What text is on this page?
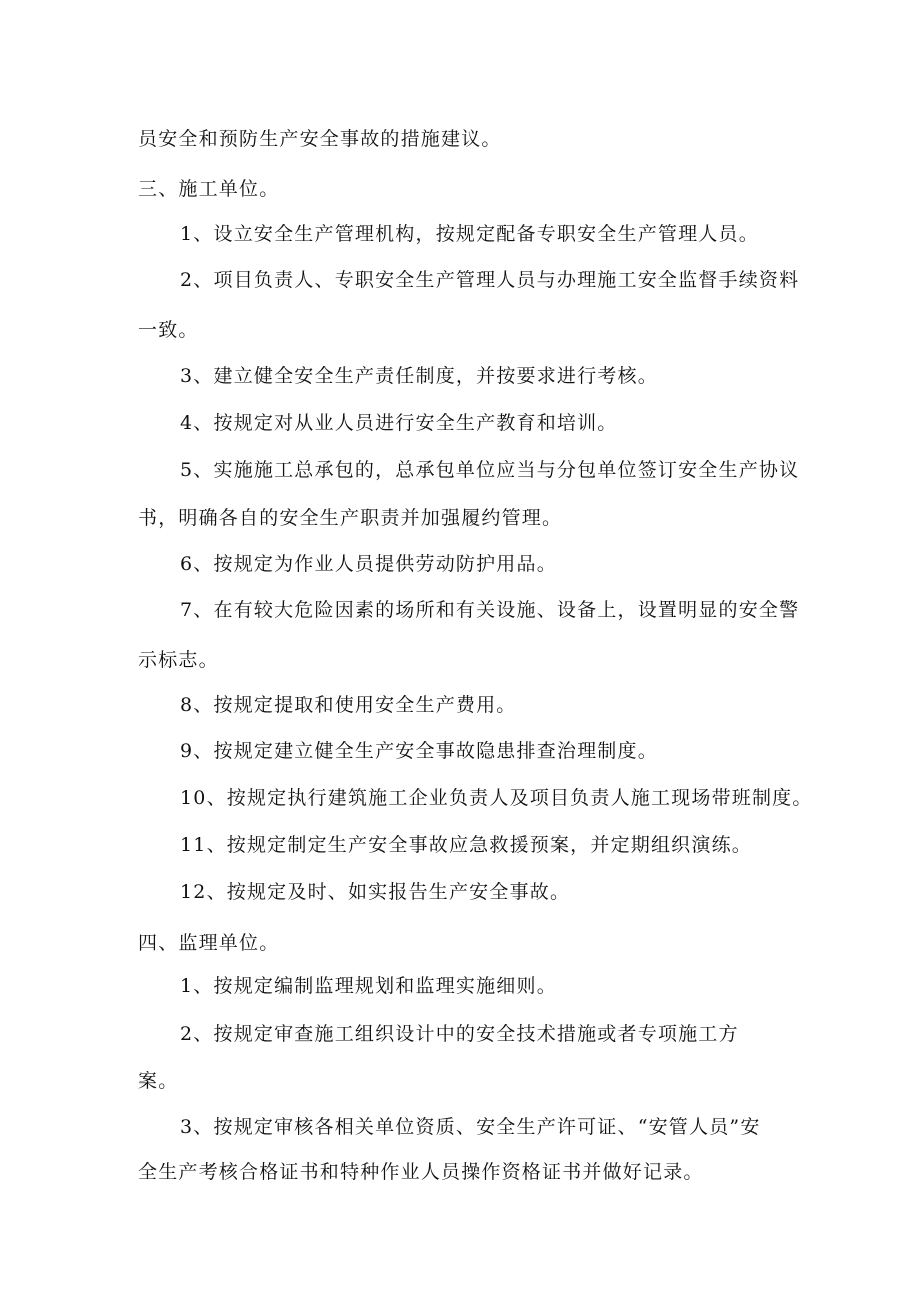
员安全和预防生产安全事故的措施建议。
三、施工单位。
1、设立安全生产管理机构，按规定配备专职安全生产管理人员。
2、项目负责人、专职安全生产管理人员与办理施工安全监督手续资料
一致。
3、建立健全安全生产责任制度，并按要求进行考核。
4、按规定对从业人员进行安全生产教育和培训。
5、实施施工总承包的，总承包单位应当与分包单位签订安全生产协议
书，明确各自的安全生产职责并加强履约管理。
6、按规定为作业人员提供劳动防护用品。
7、在有较大危险因素的场所和有关设施、设备上，设置明显的安全警
示标志。
8、按规定提取和使用安全生产费用。
9、按规定建立健全生产安全事故隐患排查治理制度。
10、按规定执行建筑施工企业负责人及项目负责人施工现场带班制度。
11、按规定制定生产安全事故应急救援预案，并定期组织演练。
12、按规定及时、如实报告生产安全事故。
四、监理单位。
1、按规定编制监理规划和监理实施细则。
2、按规定审查施工组织设计中的安全技术措施或者专项施工方
案。
3、按规定审核各相关单位资质、安全生产许可证、“安管人员”安
全生产考核合格证书和特种作业人员操作资格证书并做好记录。
